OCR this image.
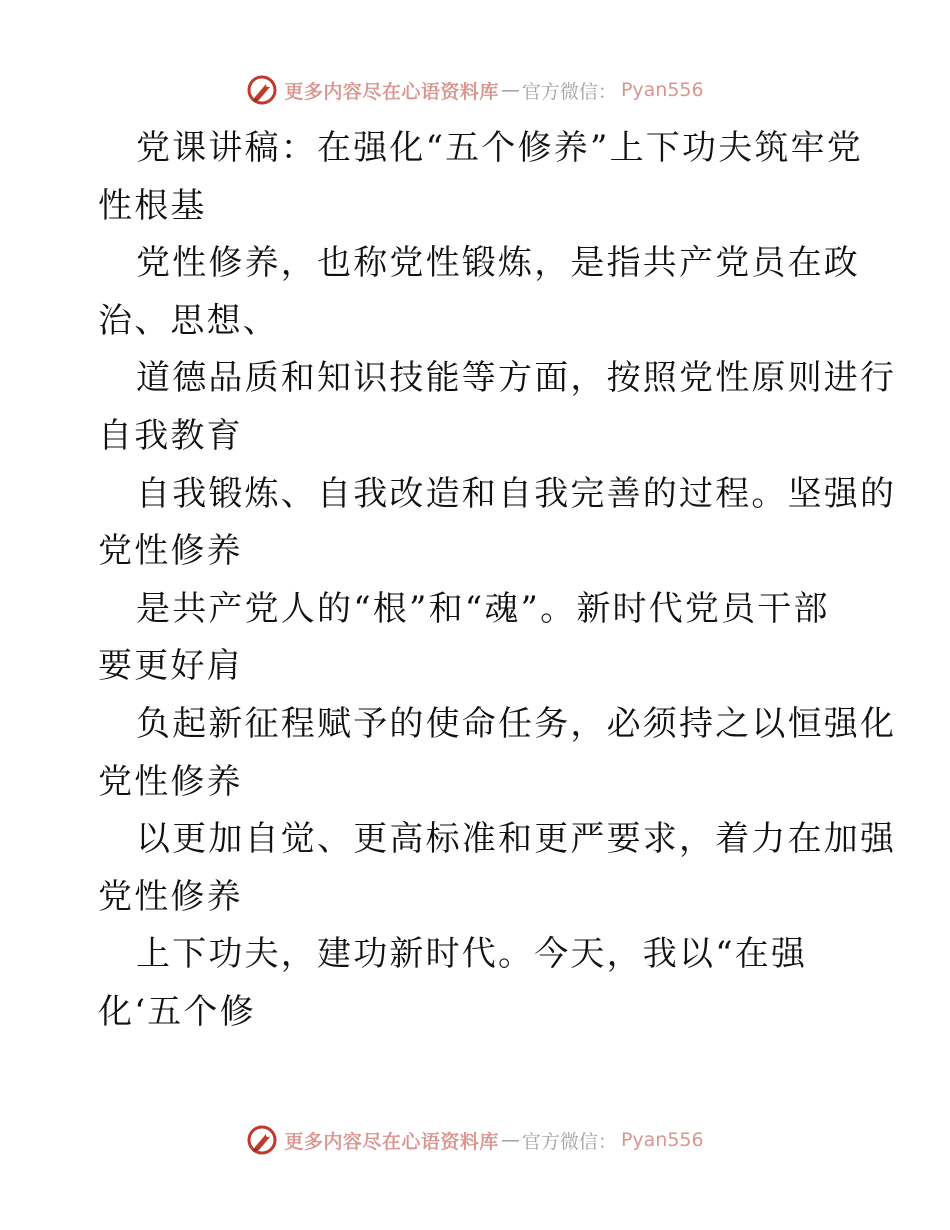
更多内容尽在心语资料库 — 官方微信： Pyan556
党课讲稿：在强化“五个修养”上下功夫筑牢党
性根基
党性修养，也称党性锻炼，是指共产党员在政
治、思想、
道德品质和知识技能等方面，按照党性原则进行
自我教育
自我锻炼、自我改造和自我完善的过程。坚强的
党性修养
是共产党人的“根”和“魂”。新时代党员干部
要更好肩
负起新征程赋予的使命任务，必须持之以恒强化
党性修养
以更加自觉、更高标准和更严要求，着力在加强
党性修养
上下功夫，建功新时代。今天，我以“在强
化‘五个修
更多内容尽在心语资料库 — 官方微信： Pyan556
